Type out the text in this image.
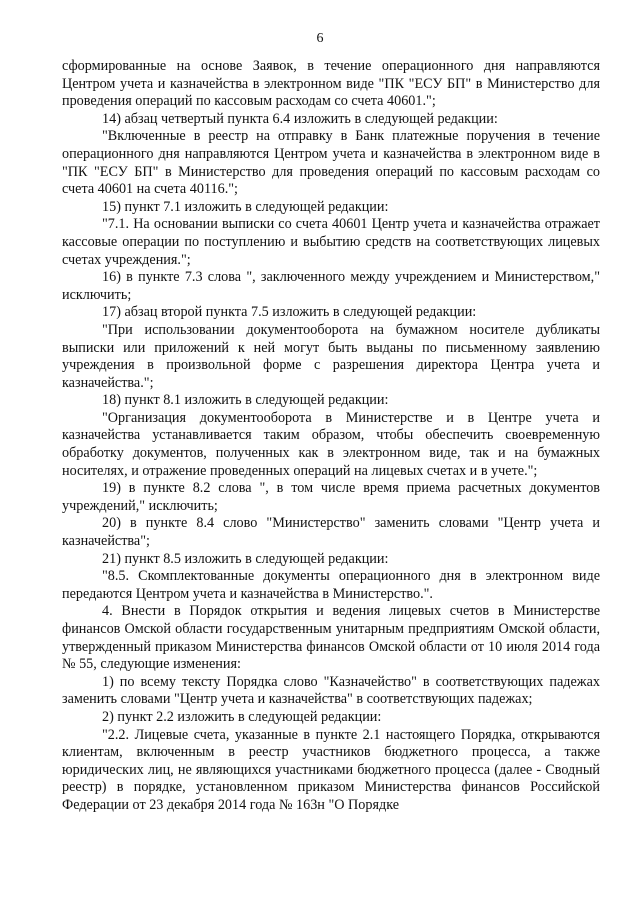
6

сформированные на основе Заявок, в течение операционного дня направляются Центром учета и казначейства в электронном виде "ПК "ЕСУ БП" в Министерство для проведения операций по кассовым расходам со счета 40601.";

14) абзац четвертый пункта 6.4 изложить в следующей редакции:

"Включенные в реестр на отправку в Банк платежные поручения в течение операционного дня направляются Центром учета и казначейства в электронном виде в "ПК "ЕСУ БП" в Министерство для проведения операций по кассовым расходам со счета 40601 на счета 40116.";

15) пункт 7.1 изложить в следующей редакции:

"7.1. На основании выписки со счета 40601 Центр учета и казначейства отражает кассовые операции по поступлению и выбытию средств на соответствующих лицевых счетах учреждения.";

16) в пункте 7.3 слова ", заключенного между учреждением и Министерством," исключить;

17) абзац второй пункта 7.5 изложить в следующей редакции:

"При использовании документооборота на бумажном носителе дубликаты выписки или приложений к ней могут быть выданы по письменному заявлению учреждения в произвольной форме с разрешения директора Центра учета и казначейства.";

18) пункт 8.1 изложить в следующей редакции:

"Организация документооборота в Министерстве и в Центре учета и казначейства устанавливается таким образом, чтобы обеспечить своевременную обработку документов, полученных как в электронном виде, так и на бумажных носителях, и отражение проведенных операций на лицевых счетах и в учете.";

19) в пункте 8.2 слова ", в том числе время приема расчетных документов учреждений," исключить;

20) в пункте 8.4 слово "Министерство" заменить словами "Центр учета и казначейства";

21) пункт 8.5 изложить в следующей редакции:

"8.5. Скомплектованные документы операционного дня в электронном виде передаются Центром учета и казначейства в Министерство.".

4. Внести в Порядок открытия и ведения лицевых счетов в Министерстве финансов Омской области государственным унитарным предприятиям Омской области, утвержденный приказом Министерства финансов Омской области от 10 июля 2014 года № 55, следующие изменения:

1) по всему тексту Порядка слово "Казначейство" в соответствующих падежах заменить словами "Центр учета и казначейства" в соответствующих падежах;

2) пункт 2.2 изложить в следующей редакции:

"2.2. Лицевые счета, указанные в пункте 2.1 настоящего Порядка, открываются клиентам, включенным в реестр участников бюджетного процесса, а также юридических лиц, не являющихся участниками бюджетного процесса (далее - Сводный реестр) в порядке, установленном приказом Министерства финансов Российской Федерации от 23 декабря 2014 года № 163н "О Порядке
